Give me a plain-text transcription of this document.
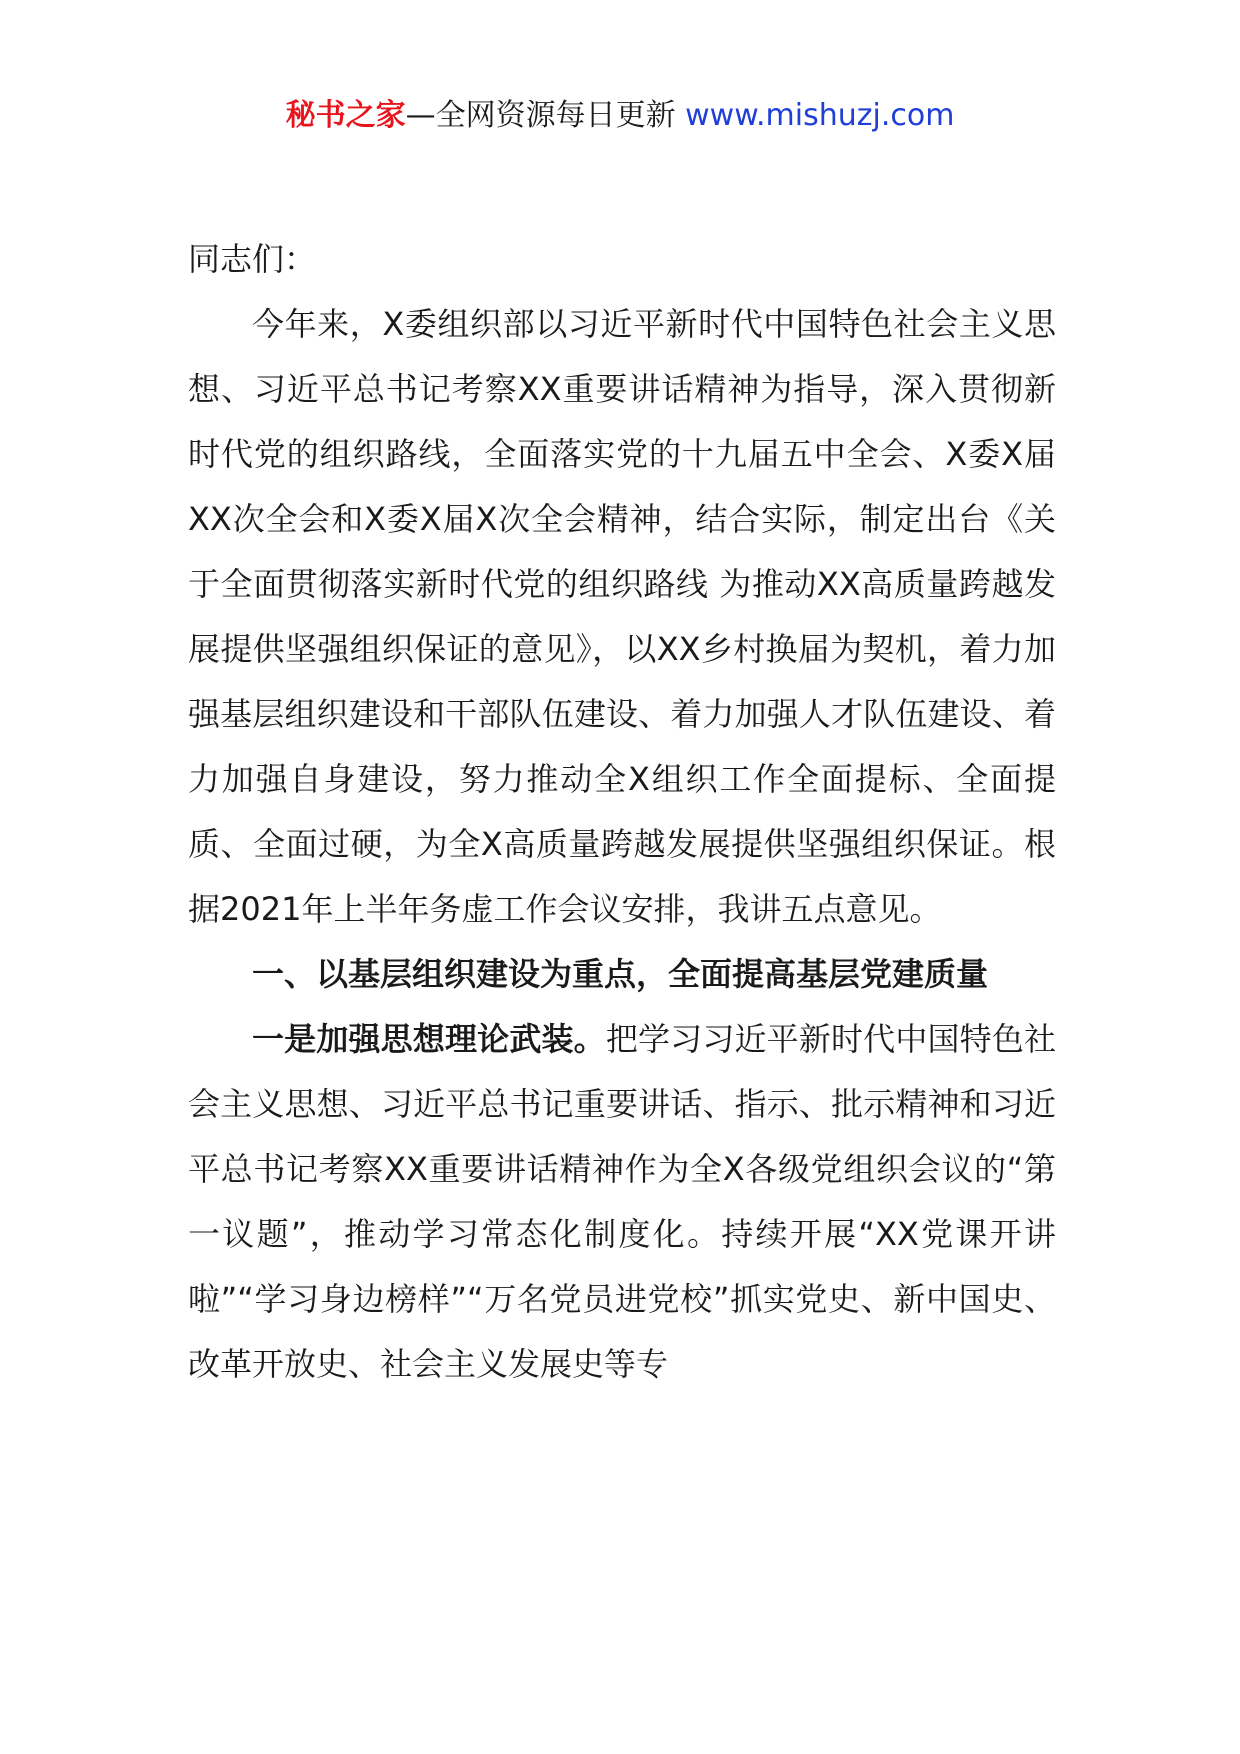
秘书之家—全网资源每日更新 www.mishuzj.com

同志们：

今年来，X委组织部以习近平新时代中国特色社会主义思想、习近平总书记考察XX重要讲话精神为指导，深入贯彻新时代党的组织路线，全面落实党的十九届五中全会、X委X届XX次全会和X委X届X次全会精神，结合实际，制定出台《关于全面贯彻落实新时代党的组织路线 为推动XX高质量跨越发展提供坚强组织保证的意见》，以XX乡村换届为契机，着力加强基层组织建设和干部队伍建设、着力加强人才队伍建设、着力加强自身建设，努力推动全X组织工作全面提标、全面提质、全面过硬，为全X高质量跨越发展提供坚强组织保证。根据2021年上半年务虚工作会议安排，我讲五点意见。

一、以基层组织建设为重点，全面提高基层党建质量

一是加强思想理论武装。把学习习近平新时代中国特色社会主义思想、习近平总书记重要讲话、指示、批示精神和习近平总书记考察XX重要讲话精神作为全X各级党组织会议的“第一议题”，推动学习常态化制度化。持续开展“XX党课开讲啦”“学习身边榜样”“万名党员进党校”抓实党史、新中国史、改革开放史、社会主义发展史等专
